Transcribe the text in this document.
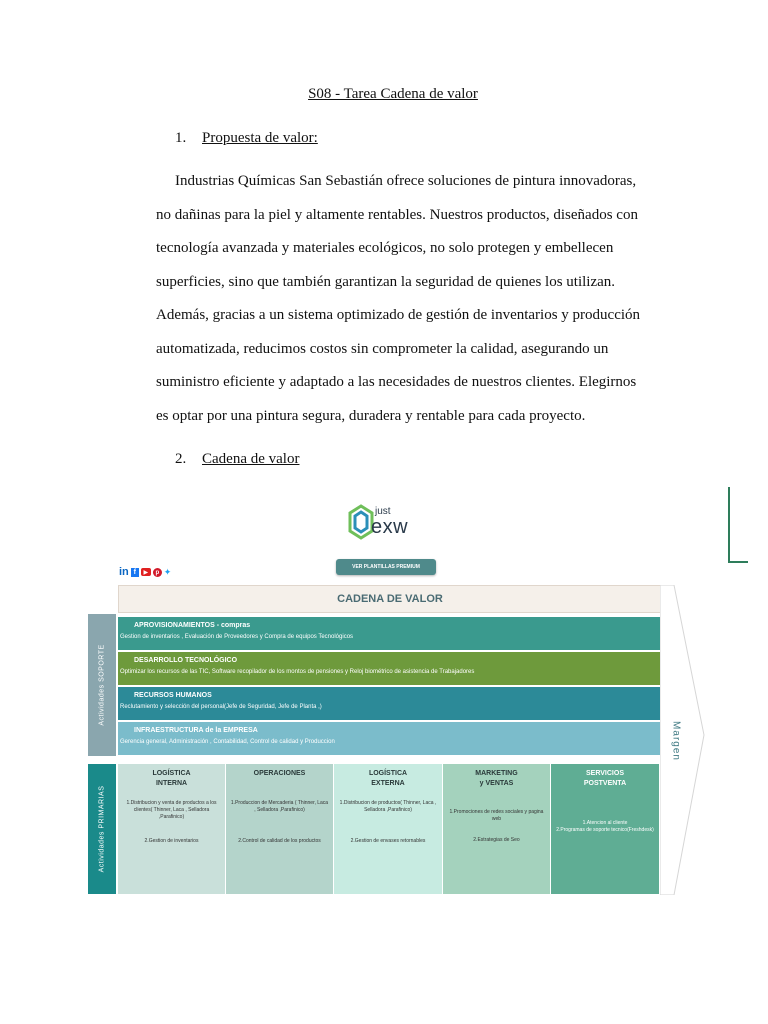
S08 - Tarea Cadena de valor
1. Propuesta de valor:
Industrias Químicas San Sebastián ofrece soluciones de pintura innovadoras,
no dañinas para la piel y altamente rentables. Nuestros productos, diseñados con
tecnología avanzada y materiales ecológicos, no solo protegen y embellecen
superficies, sino que también garantizan la seguridad de quienes los utilizan.
Además, gracias a un sistema optimizado de gestión de inventarios y producción
automatizada, reducimos costos sin comprometer la calidad, asegurando un
suministro eficiente y adaptado a las necesidades de nuestros clientes. Elegirnos
es optar por una pintura segura, duradera y rentable para cada proyecto.
2. Cadena de valor
just
exw
VER PLANTILLAS PREMIUM
in f	▶	p ✦
CADENA DE VALOR
Actividades SOPORTE
Actividades PRIMARIAS
APROVISIONAMIENTOS - compras
Gestion de inventarios , Evaluación de Proveedores y Compra de equipos Tecnológicos
DESARROLLO TECNOLÓGICO
Optimizar los recursos de las TIC, Software recopilador de los montos de pensiones y Reloj biométrico de asistencia de Trabajadores
RECURSOS HUMANOS
Reclutamiento y selección del personal(Jefe de Seguridad, Jefe de Planta ,)
INFRAESTRUCTURA de la EMPRESA
Gerencia general, Administración , Contabilidad, Control de calidad y Produccion	Margen
LOGÍSTICA
INTERNA
1.Distribucion y venta de productos a los clientes( Thinner, Laca , Selladora ,Parafinico)
2.Gestion de inventarios
OPERACIONES
1.Produccion de Mercaderia ( Thinner, Laca , Selladora ,Parafinico)
2.Control de calidad de los productos
LOGÍSTICA
EXTERNA
1.Distribucion de productos( Thinner, Laca , Selladora ,Parafinico)
2.Gestion de envases retornables
MARKETING
y VENTAS
1.Promociones de redes sociales y pagina web
2.Estrategias de Seo
SERVICIOS
POSTVENTA
1.Atencion al cliente
2.Programas de soporte tecnico(Freshdesk)
